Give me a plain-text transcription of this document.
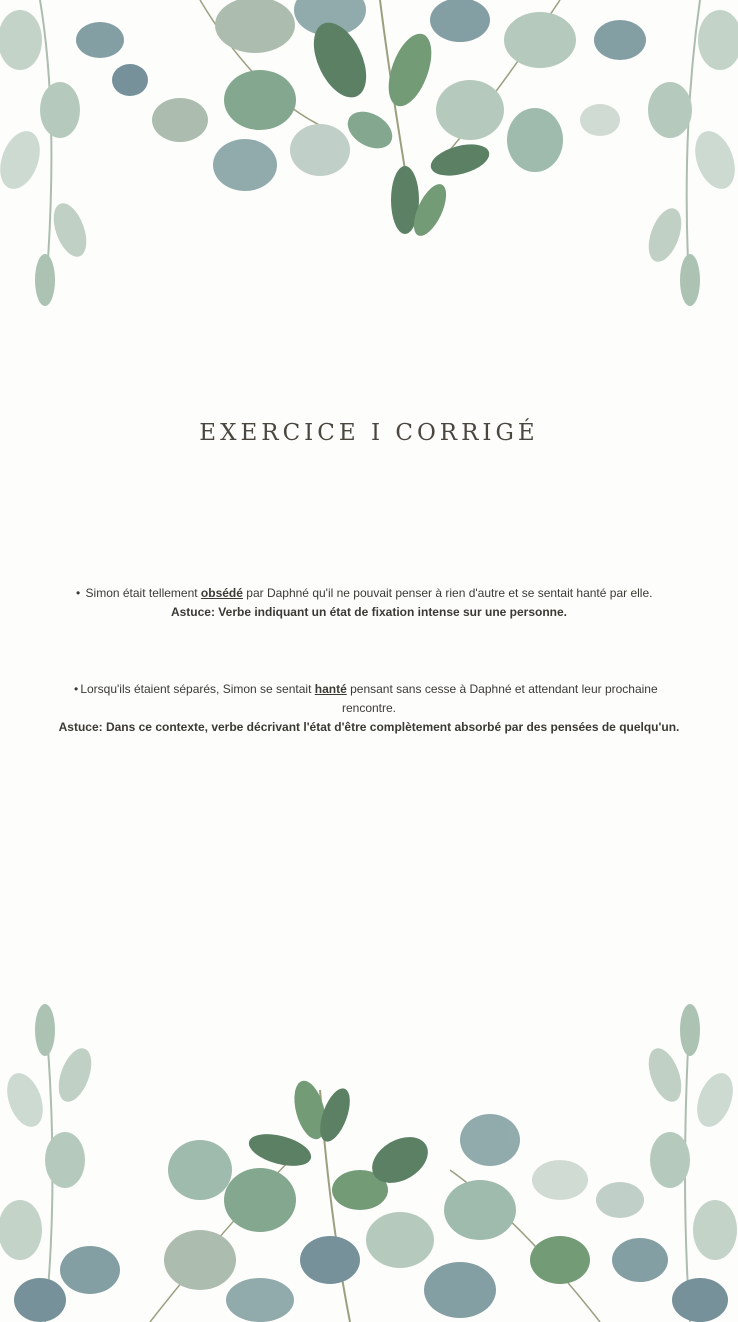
EXERCICE I CORRIGÉ
• Simon était tellement obsédé par Daphné qu'il ne pouvait penser à rien d'autre et se sentait hanté par elle.
Astuce: Verbe indiquant un état de fixation intense sur une personne.
• Lorsqu'ils étaient séparés, Simon se sentait hanté pensant sans cesse à Daphné et attendant leur prochaine rencontre.
Astuce: Dans ce contexte, verbe décrivant l'état d'être complètement absorbé par des pensées de quelqu'un.
